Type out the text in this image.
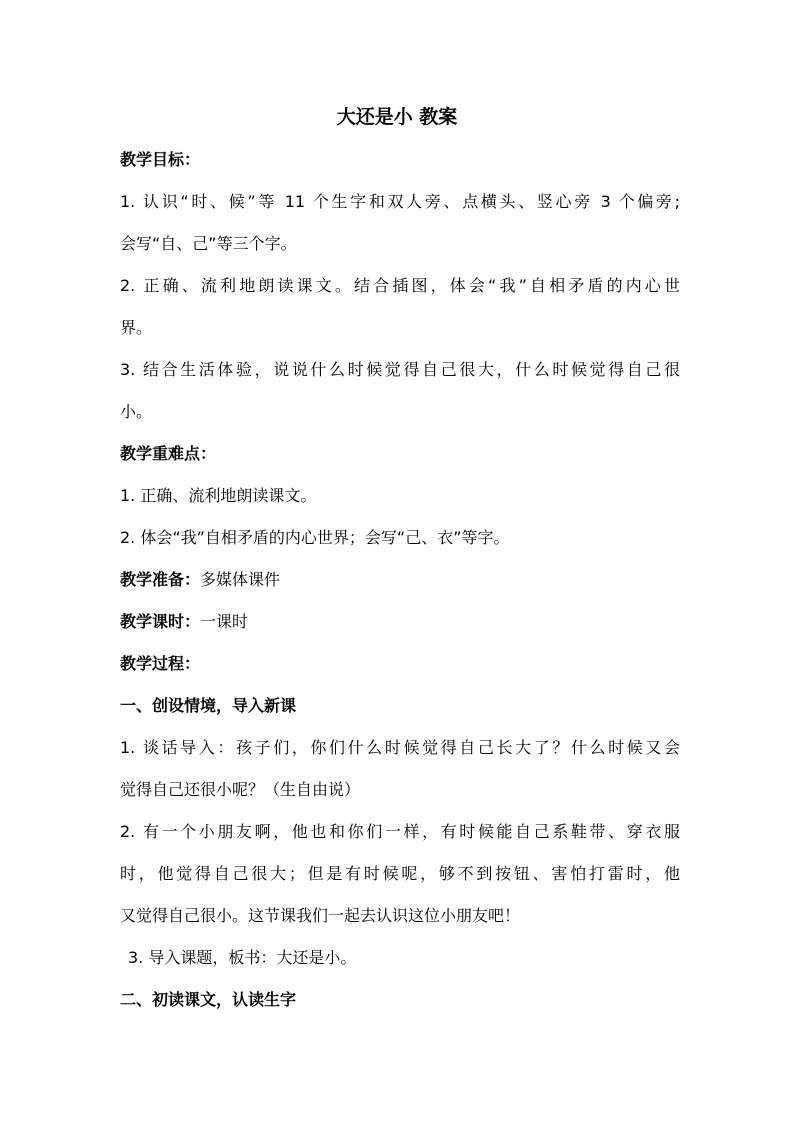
大还是小 教案
教学目标：
1. 认识“时、候”等 11 个生字和双人旁、点横头、竖心旁 3 个偏旁;
会写“自、己”等三个字。
2. 正确、流利地朗读课文。结合插图，体会“我”自相矛盾的内心世
界。
3. 结合生活体验，说说什么时候觉得自己很大，什么时候觉得自己很
小。
教学重难点：
1. 正确、流利地朗读课文。
2. 体会“我”自相矛盾的内心世界；会写“己、衣”等字。
教学准备：多媒体课件
教学课时：一课时
教学过程：
一、创设情境，导入新课
1. 谈话导入：孩子们，你们什么时候觉得自己长大了？什么时候又会
觉得自己还很小呢？（生自由说）
2. 有一个小朋友啊，他也和你们一样，有时候能自己系鞋带、穿衣服
时，他觉得自己很大；但是有时候呢，够不到按钮、害怕打雷时，他
又觉得自己很小。这节课我们一起去认识这位小朋友吧！
3. 导入课题，板书：大还是小。
二、初读课文，认读生字
